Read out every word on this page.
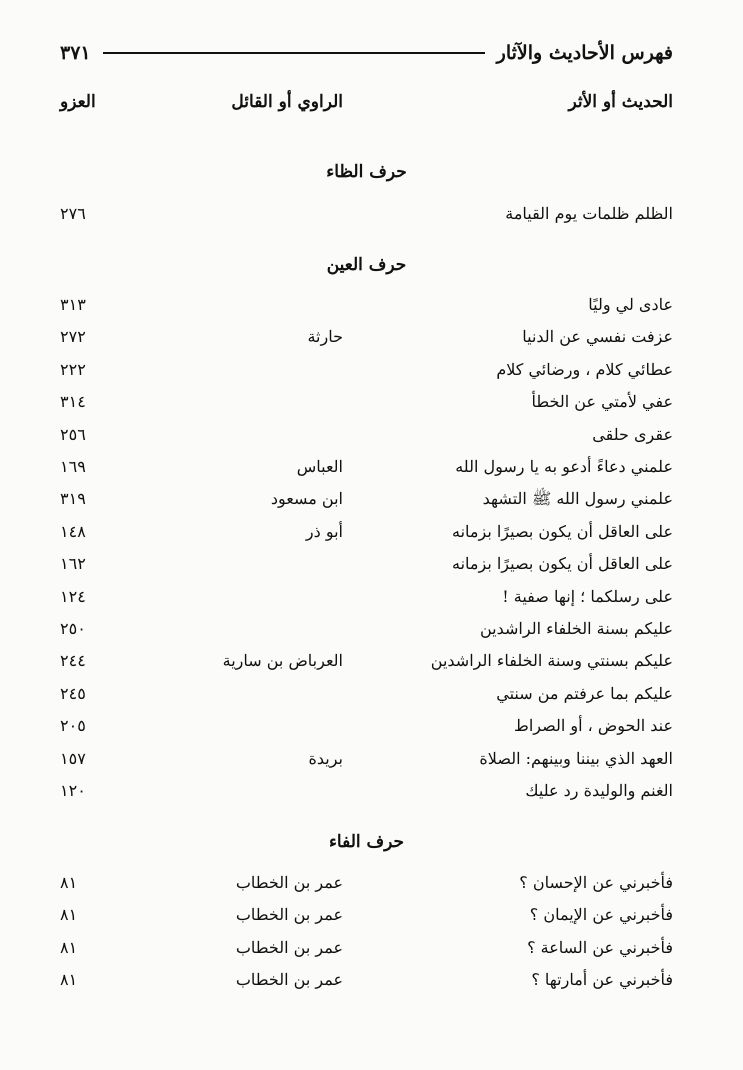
فهرس الأحاديث والآثار
٣٧١
الحديث أو الأثر
الراوي أو القائل
العزو
حرف الظاء
الظلم ظلمات يوم القيامة
٢٧٦
حرف العين
عادى لي وليًا
٣١٣
عزفت نفسي عن الدنيا
حارثة
٢٧٢
عطائي كلام ، ورضائي كلام
٢٢٢
عفي لأمتي عن الخطأ
٣١٤
عقرى حلقى
٢٥٦
علمني دعاءً أدعو به يا رسول الله
العباس
١٦٩
علمني رسول الله ﷺ التشهد
ابن مسعود
٣١٩
على العاقل أن يكون بصيرًا بزمانه
أبو ذر
١٤٨
على العاقل أن يكون بصيرًا بزمانه
١٦٢
على رسلكما ؛ إنها صفية !
١٢٤
عليكم بسنة الخلفاء الراشدين
٢٥٠
عليكم بسنتي وسنة الخلفاء الراشدين
العرباض بن سارية
٢٤٤
عليكم بما عرفتم من سنتي
٢٤٥
عند الحوض ، أو الصراط
٢٠٥
العهد الذي بيننا وبينهم: الصلاة
بريدة
١٥٧
الغنم والوليدة رد عليك
١٢٠
حرف الفاء
فأخبرني عن الإحسان ؟
عمر بن الخطاب
٨١
فأخبرني عن الإيمان ؟
عمر بن الخطاب
٨١
فأخبرني عن الساعة ؟
عمر بن الخطاب
٨١
فأخبرني عن أمارتها ؟
عمر بن الخطاب
٨١
